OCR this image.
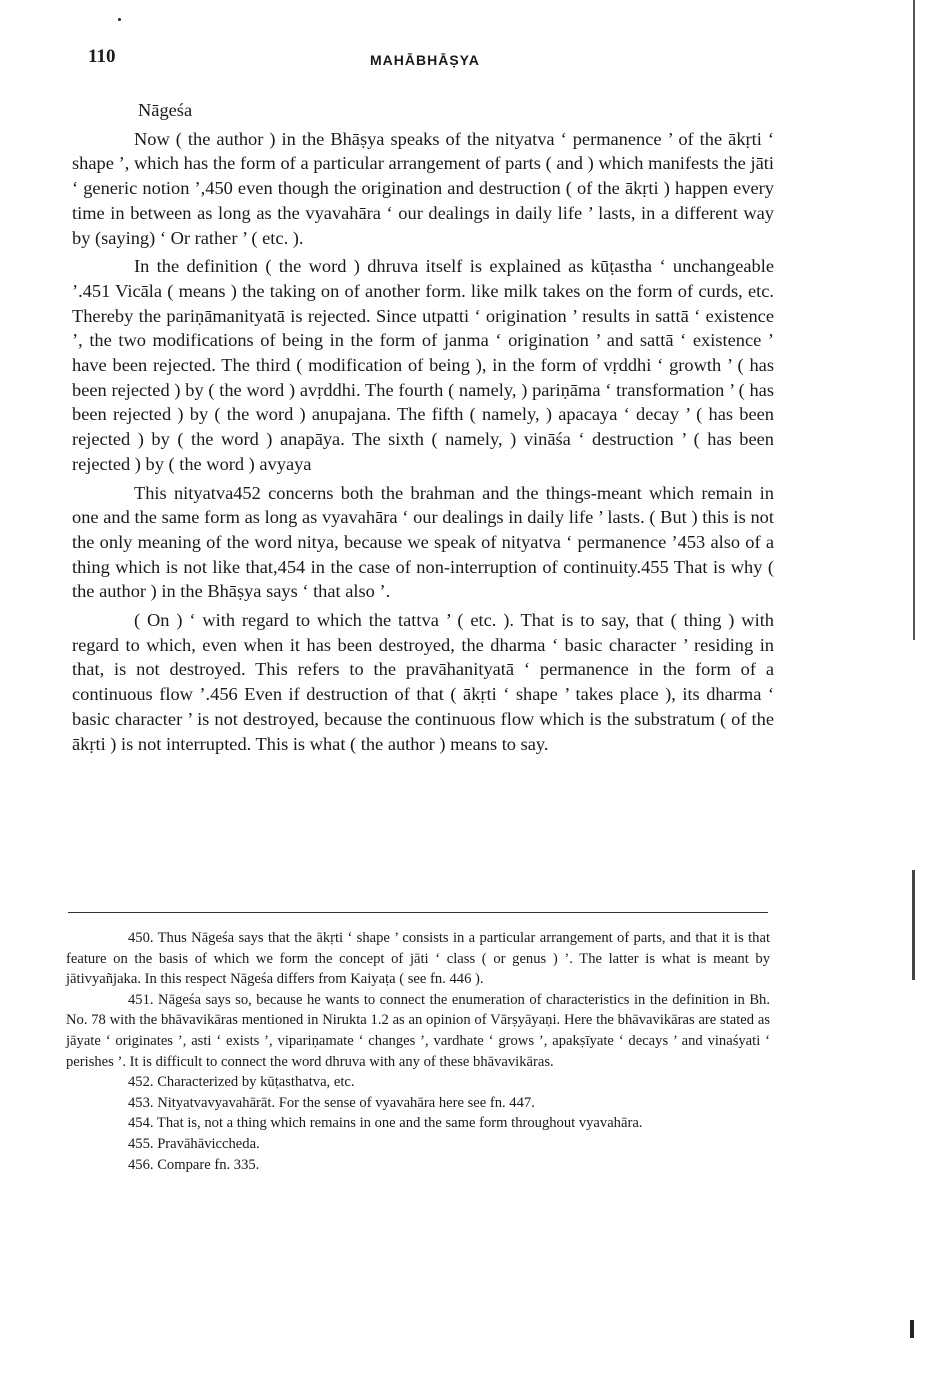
110	MAHĀBHĀṢYA

Nāgeśa

Now ( the author ) in the Bhāṣya speaks of the nityatva ‘ permanence ’ of the ākṛti ‘ shape ’, which has the form of a particular arrangement of parts ( and ) which manifests the jāti ‘ generic notion ’,450 even though the origination and destruction ( of the ākṛti ) happen every time in between as long as the vyavahāra ‘ our dealings in daily life ’ lasts, in a different way by (saying) ‘ Or rather ’ ( etc. ).

In the definition ( the word ) dhruva itself is explained as kūṭastha ‘ unchangeable ’.451 Vicāla ( means ) the taking on of another form. like milk takes on the form of curds, etc. Thereby the pariṇāmanityatā is rejected. Since utpatti ‘ origination ’ results in sattā ‘ existence ’, the two modifications of being in the form of janma ‘ origination ’ and sattā ‘ existence ’ have been rejected. The third ( modification of being ), in the form of vṛddhi ‘ growth ’ ( has been rejected ) by ( the word ) avṛddhi. The fourth ( namely, ) pariṇāma ‘ transformation ’ ( has been rejected ) by ( the word ) anupajana. The fifth ( namely, ) apacaya ‘ decay ’ ( has been rejected ) by ( the word ) anapāya. The sixth ( namely, ) vināśa ‘ destruction ’ ( has been rejected ) by ( the word ) avyaya

This nityatva452 concerns both the brahman and the things-meant which remain in one and the same form as long as vyavahāra ‘ our dealings in daily life ’ lasts. ( But ) this is not the only meaning of the word nitya, because we speak of nityatva ‘ permanence ’453 also of a thing which is not like that,454 in the case of non-interruption of continuity.455 That is why ( the author ) in the Bhāṣya says ‘ that also ’.

( On ) ‘ with regard to which the tattva ’ ( etc. ). That is to say, that ( thing ) with regard to which, even when it has been destroyed, the dharma ‘ basic character ’ residing in that, is not destroyed. This refers to the pravāhanityatā ‘ permanence in the form of a continuous flow ’.456 Even if destruction of that ( ākṛti ‘ shape ’ takes place ), its dharma ‘ basic character ’ is not destroyed, because the continuous flow which is the substratum ( of the ākṛti ) is not interrupted. This is what ( the author ) means to say.

450. Thus Nāgeśa says that the ākṛti ‘ shape ’ consists in a particular arrangement of parts, and that it is that feature on the basis of which we form the concept of jāti ‘ class ( or genus ) ’. The latter is what is meant by jātivyañjaka. In this respect Nāgeśa differs from Kaiyaṭa ( see fn. 446 ).

451. Nāgeśa says so, because he wants to connect the enumeration of characteristics in the definition in Bh. No. 78 with the bhāvavikāras mentioned in Nirukta 1.2 as an opinion of Vārṣyāyaṇi. Here the bhāvavikāras are stated as jāyate ‘ originates ’, asti ‘ exists ’, vipariṇamate ‘ changes ’, vardhate ‘ grows ’, apakṣīyate ‘ decays ’ and vinaśyati ‘ perishes ’. It is difficult to connect the word dhruva with any of these bhāvavikāras.

452. Characterized by kūṭasthatva, etc.

453. Nityatvavyavahārāt. For the sense of vyavahāra here see fn. 447.

454. That is, not a thing which remains in one and the same form throughout vyavahāra.

455. Pravāhāviccheda.

456. Compare fn. 335.
